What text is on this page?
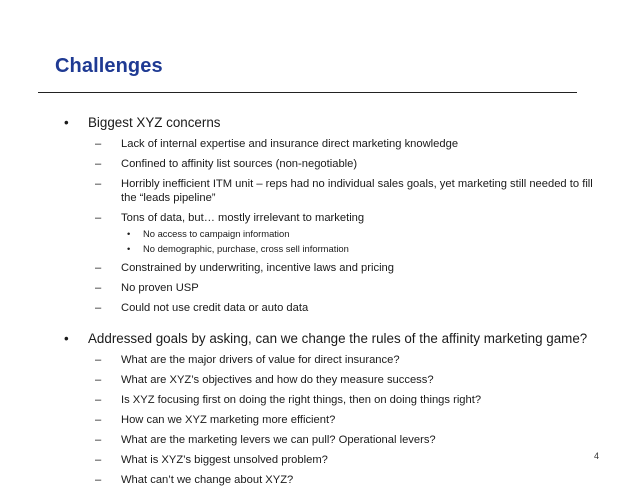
Challenges
• Biggest XYZ concerns
– Lack of internal expertise and insurance direct marketing knowledge
– Confined to affinity list sources (non-negotiable)
– Horribly inefficient ITM unit – reps had no individual sales goals, yet marketing still needed to fill the “leads pipeline”
– Tons of data, but… mostly irrelevant to marketing
• No access to campaign information
• No demographic, purchase, cross sell information
– Constrained by underwriting, incentive laws and pricing
– No proven USP
– Could not use credit data or auto data
• Addressed goals by asking, can we change the rules of the affinity marketing game?
– What are the major drivers of value for direct insurance?
– What are XYZ’s objectives and how do they measure success?
– Is XYZ focusing first on doing the right things, then on doing things right?
– How can we XYZ marketing more efficient?
– What are the marketing levers we can pull? Operational levers?
– What is XYZ’s biggest unsolved problem?
– What can’t we change about XYZ?
4
